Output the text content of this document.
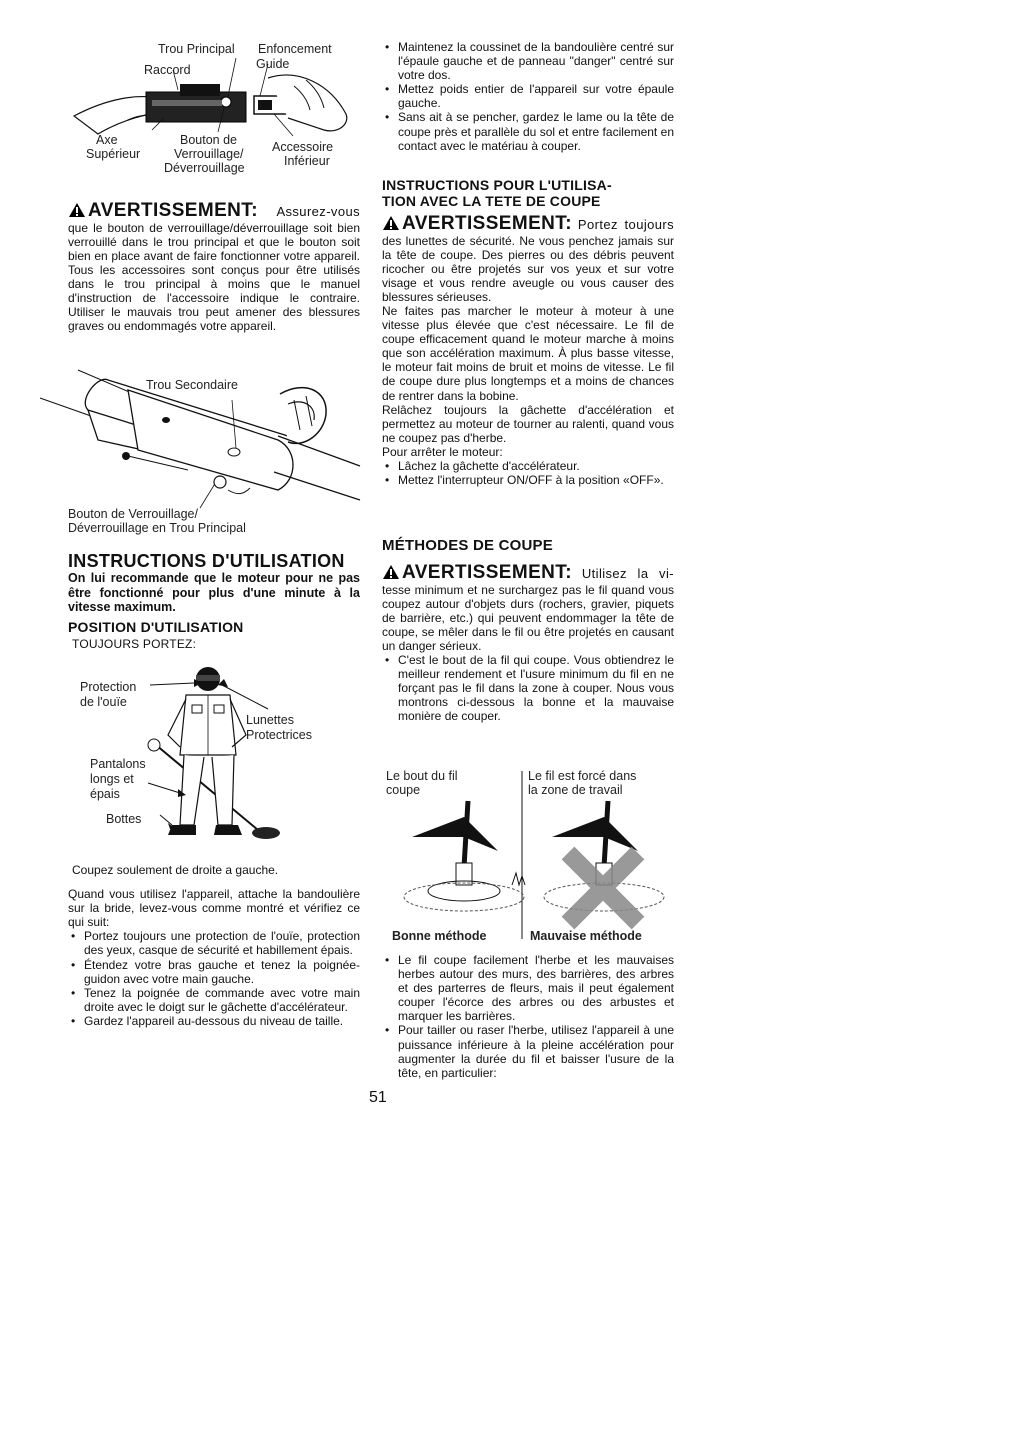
Trou Principal Enfoncement
Guide
Raccord
Axe
Supérieur
Bouton de
Verrouillage/
Déverrouillage
Accessoire
Inférieur

AVERTISSEMENT: Assurez-vous que le bouton de verrouillage/déverrouillage soit bien verrouillé dans le trou principal et que le bouton soit bien en place avant de faire fonctionner votre appareil. Tous les accessoires sont conçus pour être utilisés dans le trou principal à moins que le manuel d'instruction de l'accessoire indique le contraire. Utiliser le mauvais trou peut amener des blessures graves ou endommagés votre appareil.

Trou Secondaire
Bouton de Verrouillage/
Déverrouillage en Trou Principal
INSTRUCTIONS D'UTILISATION

On lui recommande que le moteur pour ne pas être fonctionné pour plus d'une minute à la vitesse maximum.

POSITION D'UTILISATION

TOUJOURS PORTEZ:

Protection
de l'ouïe
Lunettes
Protectrices
Pantalons
longs et
épais
Bottes

Coupez soulement de droite a gauche.

Quand vous utilisez l'appareil, attache la bandoulière sur la bride, levez-vous comme montré et vérifiez ce qui suit:

• Portez toujours une protection de l'ouïe, protection des yeux, casque de sécurité et habillement épais.
• Étendez votre bras gauche et tenez la poignée-guidon avec votre main gauche.
• Tenez la poignée de commande avec votre main droite avec le doigt sur le gâchette d'accélérateur.
• Gardez l'appareil au-dessous du niveau de taille.
• Maintenez la coussinet de la bandoulière centré sur l'épaule gauche et de panneau "danger" centré sur votre dos.
• Mettez poids entier de l'appareil sur votre épaule gauche.
• Sans ait à se pencher, gardez le lame ou la tête de coupe près et parallèle du sol et entre facilement en contact avec le matériau à couper.
INSTRUCTIONS POUR L'UTILISA-
TION AVEC LA TETE DE COUPE

AVERTISSEMENT: Portez toujours des lunettes de sécurité. Ne vous penchez jamais sur la tête de coupe. Des pierres ou des débris peuvent ricocher ou être projetés sur vos yeux et sur votre visage et vous rendre aveugle ou vous causer des blessures sérieuses.

Ne faites pas marcher le moteur à moteur à une vitesse plus élevée que c'est nécessaire. Le fil de coupe efficacement quand le moteur marche à moins que son accélération maximum. À plus basse vitesse, le moteur fait moins de bruit et moins de vitesse. Le fil de coupe dure plus longtemps et a moins de chances de rentrer dans la bobine.

Relâchez toujours la gâchette d'accélération et permettez au moteur de tourner au ralenti, quand vous ne coupez pas d'herbe.

Pour arrêter le moteur:

• Lâchez la gâchette d'accélérateur.
• Mettez l'interrupteur ON/OFF à la position «OFF».
MÉTHODES DE COUPE

AVERTISSEMENT: Utilisez la vi- tesse minimum et ne surchargez pas le fil quand vous coupez autour d'objets durs (rochers, gravier, piquets de barrière, etc.) qui peuvent endommager la tête de coupe, se mêler dans le fil ou être projetés en causant un danger sérieux.

• C'est le bout de la fil qui coupe. Vous obtiendrez le meilleur rendement et l'usure minimum du fil en ne forçant pas le fil dans la zone à couper. Nous vous montrons ci-dessous la bonne et la mauvaise monière de couper.
Le bout du fil
coupe
Le fil est forcé dans
la zone de travail
Bonne méthode	Mauvaise méthode
• Le fil coupe facilement l'herbe et les mauvaises herbes autour des murs, des barrières, des arbres et des parterres de fleurs, mais il peut également couper l'écorce des arbres ou des arbustes et marquer les barrières.
• Pour tailler ou raser l'herbe, utilisez l'appareil à une puissance inférieure à la pleine accélération pour augmenter la durée du fil et baisser l'usure de la tête, en particulier:
51
